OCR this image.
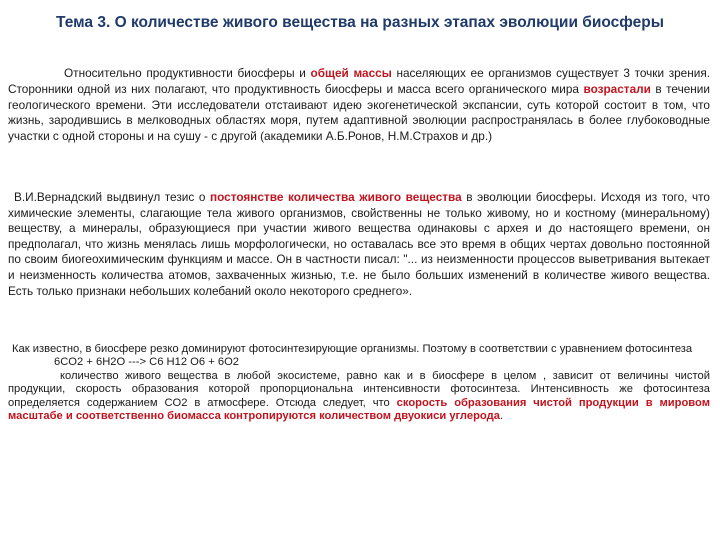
Тема 3. О количестве живого вещества на разных этапах эволюции биосферы

Относительно продуктивности биосферы и общей массы населяющих ее организмов существует 3 точки зрения. Сторонники одной из них полагают, что продуктивность биосферы и масса всего органического мира возрастали в течении геологического времени. Эти исследователи отстаивают идею экогенетической экспансии, суть которой состоит в том, что жизнь, зародившись в мелководных областях моря, путем адаптивной эволюции распространялась в более глубоководные участки с одной стороны и на сушу - с другой (академики А.Б.Ронов, Н.М.Страхов и др.)

В.И.Вернадский выдвинул тезис о постоянстве количества живого вещества в эволюции биосферы. Исходя из того, что химические элементы, слагающие тела живого организмов, свойственны не только живому, но и костному (минеральному) веществу, а минералы, образующиеся при участии живого вещества одинаковы с архея и до настоящего времени, он предполагал, что жизнь менялась лишь морфологически, но оставалась все это время в общих чертах довольно постоянной по своим биогеохимическим функциям и массе. Он в частности писал: "... из неизменности процессов выветривания вытекает и неизменность количества атомов, захваченных жизнью, т.е. не было больших изменений в количестве живого вещества. Есть только признаки небольших колебаний около некоторого среднего».

Как известно, в биосфере резко доминируют фотосинтезирующие организмы. Поэтому в соответствии с уравнением фотосинтеза
6CO2 + 6H2O ---> C6 H12 O6 + 6O2
количество живого вещества в любой экосистеме, равно как и в биосфере в целом , зависит от величины чистой продукции, скорость образования которой пропорциональна интенсивности фотосинтеза. Интенсивность же фотосинтеза определяется содержанием CO2 в атмосфере. Отсюда следует, что скорость образования чистой продукции в мировом масштабе и соответственно биомасса контропируются количеством двуокиси углерода.
